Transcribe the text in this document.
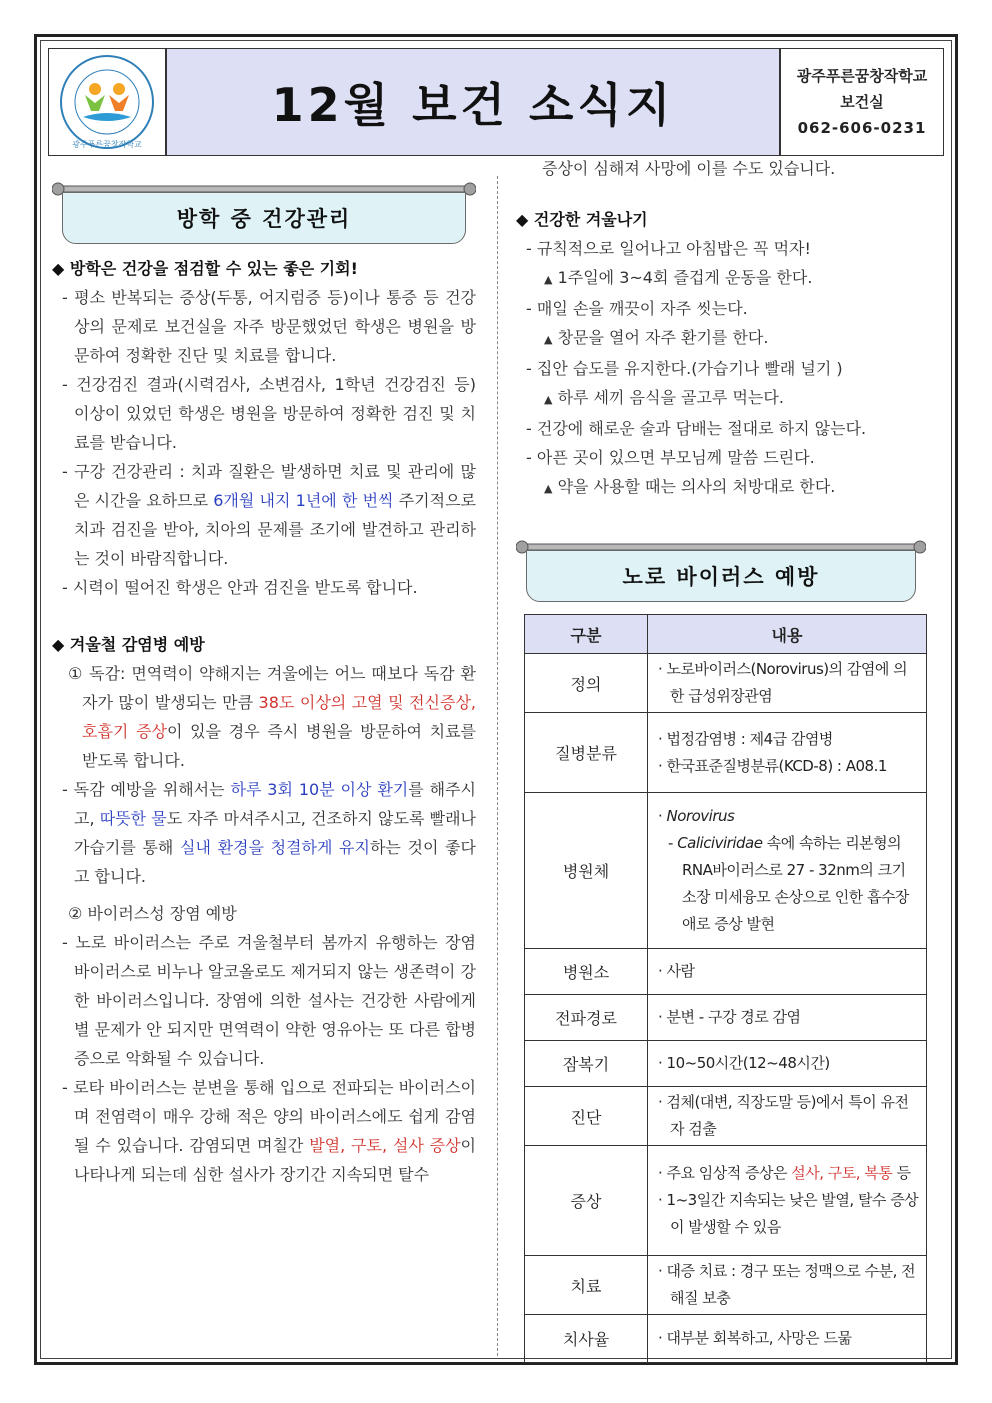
광주푸른꿈창작학교
12월 보건 소식지
광주푸른꿈창작학교
보건실
062-606-0231
방학 중 건강관리
◆ 방학은 건강을 점검할 수 있는 좋은 기회!
- 평소 반복되는 증상(두통, 어지럼증 등)이나 통증 등 건강상의 문제로 보건실을 자주 방문했었던 학생은 병원을 방문하여 정확한 진단 및 치료를 합니다.
- 건강검진 결과(시력검사, 소변검사, 1학년 건강검진 등) 이상이 있었던 학생은 병원을 방문하여 정확한 검진 및 치료를 받습니다.
- 구강 건강관리 : 치과 질환은 발생하면 치료 및 관리에 많은 시간을 요하므로 6개월 내지 1년에 한 번씩 주기적으로 치과 검진을 받아, 치아의 문제를 조기에 발견하고 관리하는 것이 바람직합니다.
- 시력이 떨어진 학생은 안과 검진을 받도록 합니다.
◆ 겨울철 감염병 예방
① 독감: 면역력이 약해지는 겨울에는 어느 때보다 독감 환자가 많이 발생되는 만큼 38도 이상의 고열 및 전신증상, 호흡기 증상이 있을 경우 즉시 병원을 방문하여 치료를 받도록 합니다.
- 독감 예방을 위해서는 하루 3회 10분 이상 환기를 해주시고, 따뜻한 물도 자주 마셔주시고, 건조하지 않도록 빨래나 가습기를 통해 실내 환경을 청결하게 유지하는 것이 좋다고 합니다.
② 바이러스성 장염 예방
- 노로 바이러스는 주로 겨울철부터 봄까지 유행하는 장염 바이러스로 비누나 알코올로도 제거되지 않는 생존력이 강한 바이러스입니다. 장염에 의한 설사는 건강한 사람에게 별 문제가 안 되지만 면역력이 약한 영유아는 또 다른 합병증으로 악화될 수 있습니다.
- 로타 바이러스는 분변을 통해 입으로 전파되는 바이러스이며 전염력이 매우 강해 적은 양의 바이러스에도 쉽게 감염될 수 있습니다. 감염되면 며칠간 발열, 구토, 설사 증상이 나타나게 되는데 심한 설사가 장기간 지속되면 탈수
증상이 심해져 사망에 이를 수도 있습니다.
◆ 건강한 겨울나기
- 규칙적으로 일어나고 아침밥은 꼭 먹자!
▲ 1주일에 3~4회 즐겁게 운동을 한다.
- 매일 손을 깨끗이 자주 씻는다.
▲ 창문을 열어 자주 환기를 한다.
- 집안 습도를 유지한다.(가습기나 빨래 널기 )
▲ 하루 세끼 음식을 골고루 먹는다.
- 건강에 해로운 술과 담배는 절대로 하지 않는다.
- 아픈 곳이 있으면 부모님께 말씀 드린다.
▲ 약을 사용할 때는 의사의 처방대로 한다.
노로 바이러스 예방
구분	내용
정의	· 노로바이러스(Norovirus)의 감염에 의한 급성위장관염

질병분류	· 법정감염병 : 제4급 감염병
· 한국표준질병분류(KCD-8) : A08.1

병원체	· Norovirus
- Caliciviridae 속에 속하는 리본형의 RNA바이러스로 27 - 32nm의 크기 소장 미세융모 손상으로 인한 흡수장애로 증상 발현

병원소	· 사람

전파경로	· 분변 - 구강 경로 감염

잠복기	· 10~50시간(12~48시간)

진단	· 검체(대변, 직장도말 등)에서 특이 유전자 검출

증상	· 주요 임상적 증상은 설사, 구토, 복통 등
· 1~3일간 지속되는 낮은 발열, 탈수 증상이 발생할 수 있음

치료	· 대증 치료 : 경구 또는 정맥으로 수분, 전해질 보충

치사율	· 대부분 회복하고, 사망은 드묾
